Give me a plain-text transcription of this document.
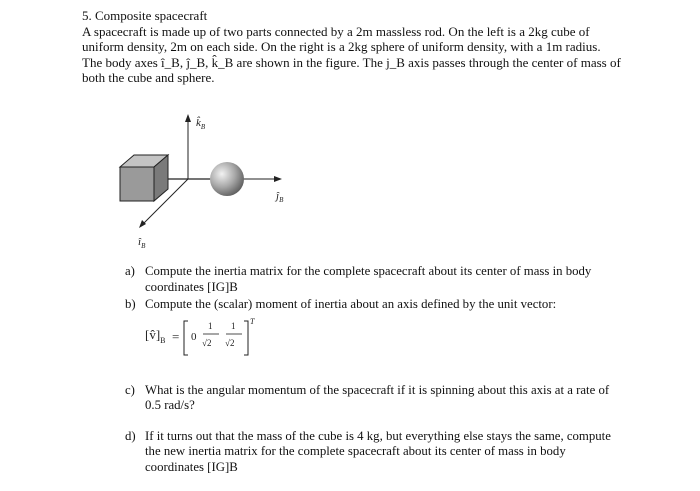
5. Composite spacecraft
A spacecraft is made up of two parts connected by a 2m massless rod. On the left is a 2kg cube of uniform density, 2m on each side. On the right is a 2kg sphere of uniform density, with a 1m radius. The body axes î_B, ĵ_B, k̂_B are shown in the figure. The j_B axis passes through the center of mass of both the cube and sphere.
$k̂_B$
$ĵ_B$
$î_B$
a) Compute the inertia matrix for the complete spacecraft about its center of mass in body coordinates [IG]B
b) Compute the (scalar) moment of inertia about an axis defined by the unit vector:
$[v̂]_B = 0$
1
√2
1
√2
T
c) What is the angular momentum of the spacecraft if it is spinning about this axis at a rate of 0.5 rad/s?
d) If it turns out that the mass of the cube is 4 kg, but everything else stays the same, compute the new inertia matrix for the complete spacecraft about its center of mass in body coordinates [IG]B
